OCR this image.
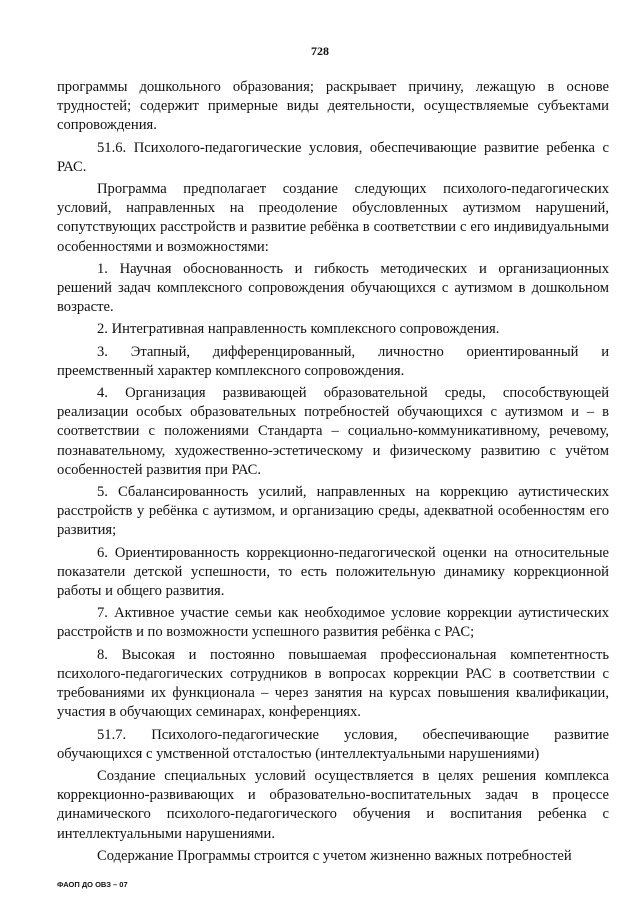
728

программы дошкольного образования; раскрывает причину, лежащую в основе трудностей; содержит примерные виды деятельности, осуществляемые субъектами сопровождения.

51.6. Психолого-педагогические условия, обеспечивающие развитие ребенка с РАС.

Программа предполагает создание следующих психолого-педагогических условий, направленных на преодоление обусловленных аутизмом нарушений, сопутствующих расстройств и развитие ребёнка в соответствии с его индивидуальными особенностями и возможностями:

1. Научная обоснованность и гибкость методических и организационных решений задач комплексного сопровождения обучающихся с аутизмом в дошкольном возрасте.

2. Интегративная направленность комплексного сопровождения.

3. Этапный, дифференцированный, личностно ориентированный и преемственный характер комплексного сопровождения.

4. Организация развивающей образовательной среды, способствующей реализации особых образовательных потребностей обучающихся с аутизмом и – в соответствии с положениями Стандарта – социально-коммуникативному, речевому, познавательному, художественно-эстетическому и физическому развитию с учётом особенностей развития при РАС.

5. Сбалансированность усилий, направленных на коррекцию аутистических расстройств у ребёнка с аутизмом, и организацию среды, адекватной особенностям его развития;

6. Ориентированность коррекционно-педагогической оценки на относительные показатели детской успешности, то есть положительную динамику коррекционной работы и общего развития.

7. Активное участие семьи как необходимое условие коррекции аутистических расстройств и по возможности успешного развития ребёнка с РАС;

8. Высокая и постоянно повышаемая профессиональная компетентность психолого-педагогических сотрудников в вопросах коррекции РАС в соответствии с требованиями их функционала – через занятия на курсах повышения квалификации, участия в обучающих семинарах, конференциях.

51.7. Психолого-педагогические условия, обеспечивающие развитие обучающихся с умственной отсталостью (интеллектуальными нарушениями)

Создание специальных условий осуществляется в целях решения комплекса коррекционно-развивающих и образовательно-воспитательных задач в процессе динамического психолого-педагогического обучения и воспитания ребенка с интеллектуальными нарушениями.

Содержание Программы строится с учетом жизненно важных потребностей

ФАОП ДО ОВЗ – 07
